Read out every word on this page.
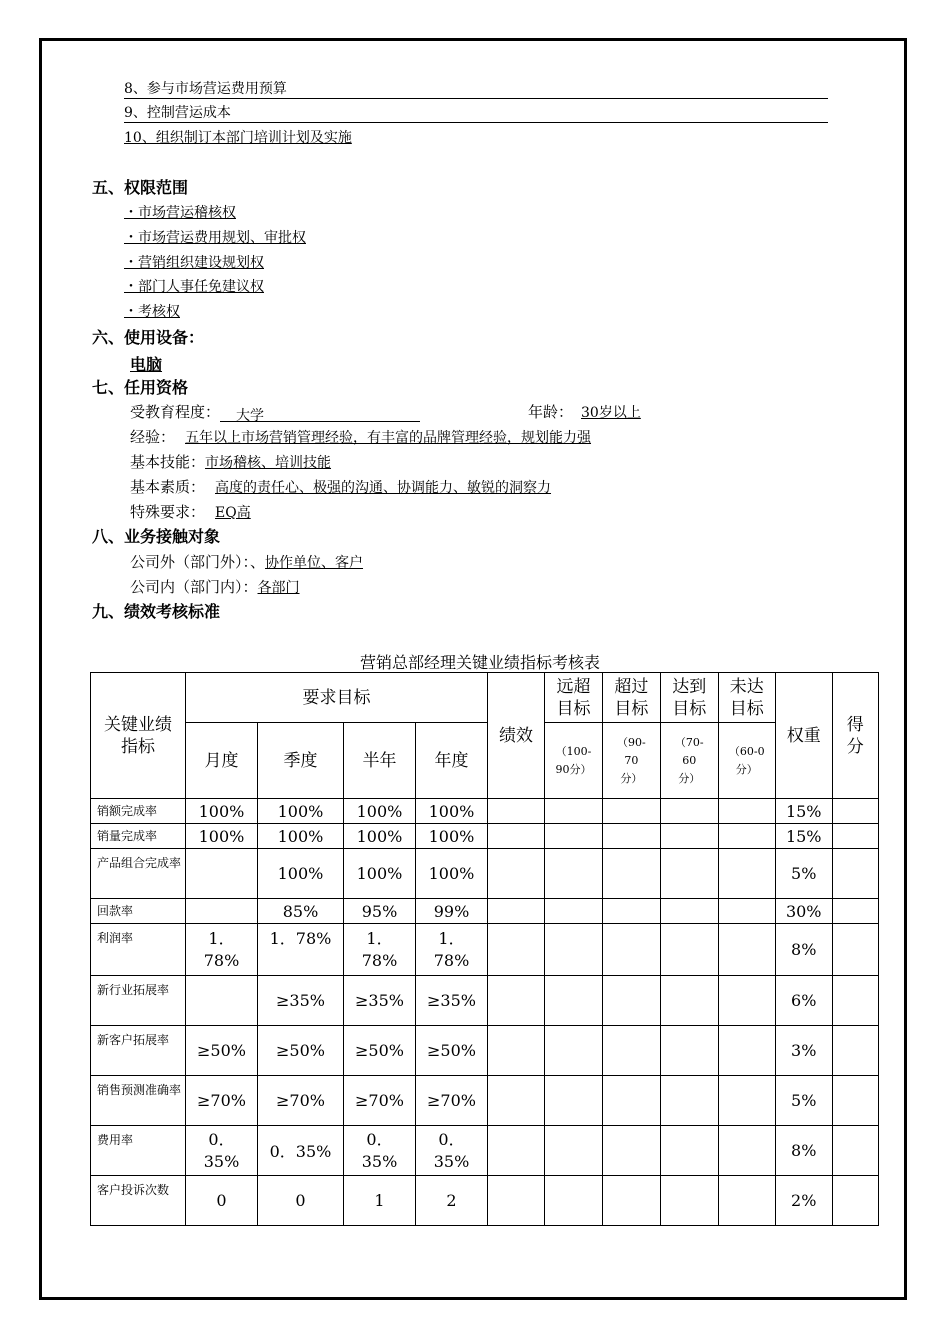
8、参与市场营运费用预算
9、控制营运成本
10、组织制订本部门培训计划及实施
五、权限范围
・市场营运稽核权
・市场营运费用规划、审批权
・营销组织建设规划权
・部门人事任免建议权
・考核权
六、使用设备：
电脑
七、任用资格
受教育程度： 大学	年龄： 30岁以上
经验： 五年以上市场营销管理经验，有丰富的品牌管理经验，规划能力强
基本技能：市场稽核、培训技能
基本素质： 高度的责任心、极强的沟通、协调能力、敏锐的洞察力
特殊要求： EQ高
八、业务接触对象
公司外（部门外）：、协作单位、客户
公司内（部门内）：各部门
九、绩效考核标准
营销总部经理关键业绩指标考核表
关键业绩指标	要求目标				绩效	远超目标	超过目标	达到目标	未达目标	权重	得分
	月度	季度	半年	年度		（100-90分）	（90-70分）	（70-60分）	（60-0分）		
销额完成率	100%	100%	100%	100%						15%	
销量完成率	100%	100%	100%	100%						15%	
产品组合完成率		100%	100%	100%						5%	
回款率		85%	95%	99%						30%	
利润率	1．78%	1．78%	1．78%	1．78%						8%	
新行业拓展率		≥35%	≥35%	≥35%						6%	
新客户拓展率	≥50%	≥50%	≥50%	≥50%						3%	
销售预测准确率	≥70%	≥70%	≥70%	≥70%						5%	
费用率	0．35%	0．35%	0．35%	0．35%						8%	
客户投诉次数	0	0	1	2						2%	
